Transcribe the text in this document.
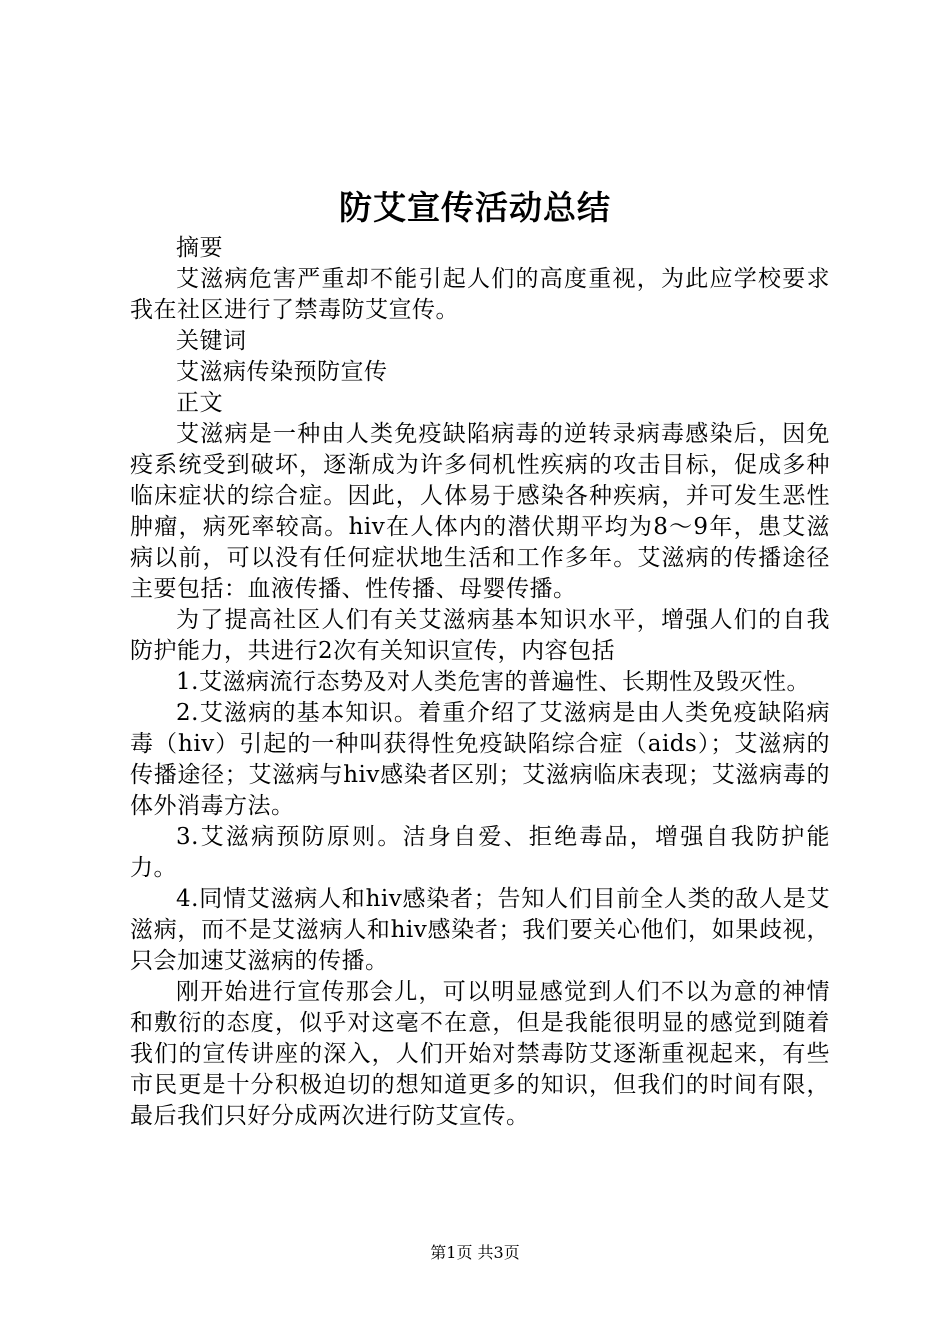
防艾宣传活动总结

摘要

艾滋病危害严重却不能引起人们的高度重视，为此应学校要求我在社区进行了禁毒防艾宣传。

关键词

艾滋病传染预防宣传

正文

艾滋病是一种由人类免疫缺陷病毒的逆转录病毒感染后，因免疫系统受到破坏，逐渐成为许多伺机性疾病的攻击目标，促成多种临床症状的综合症。因此，人体易于感染各种疾病，并可发生恶性肿瘤，病死率较高。hiv在人体内的潜伏期平均为8～9年，患艾滋病以前，可以没有任何症状地生活和工作多年。艾滋病的传播途径主要包括：血液传播、性传播、母婴传播。

为了提高社区人们有关艾滋病基本知识水平，增强人们的自我防护能力，共进行2次有关知识宣传，内容包括

1.艾滋病流行态势及对人类危害的普遍性、长期性及毁灭性。

2.艾滋病的基本知识。着重介绍了艾滋病是由人类免疫缺陷病毒（hiv）引起的一种叫获得性免疫缺陷综合症（aids）；艾滋病的传播途径；艾滋病与hiv感染者区别；艾滋病临床表现；艾滋病毒的体外消毒方法。

3.艾滋病预防原则。洁身自爱、拒绝毒品，增强自我防护能力。

4.同情艾滋病人和hiv感染者；告知人们目前全人类的敌人是艾滋病，而不是艾滋病人和hiv感染者；我们要关心他们，如果歧视，只会加速艾滋病的传播。

刚开始进行宣传那会儿，可以明显感觉到人们不以为意的神情和敷衍的态度，似乎对这毫不在意，但是我能很明显的感觉到随着我们的宣传讲座的深入，人们开始对禁毒防艾逐渐重视起来，有些市民更是十分积极迫切的想知道更多的知识，但我们的时间有限，最后我们只好分成两次进行防艾宣传。

第1页 共3页
